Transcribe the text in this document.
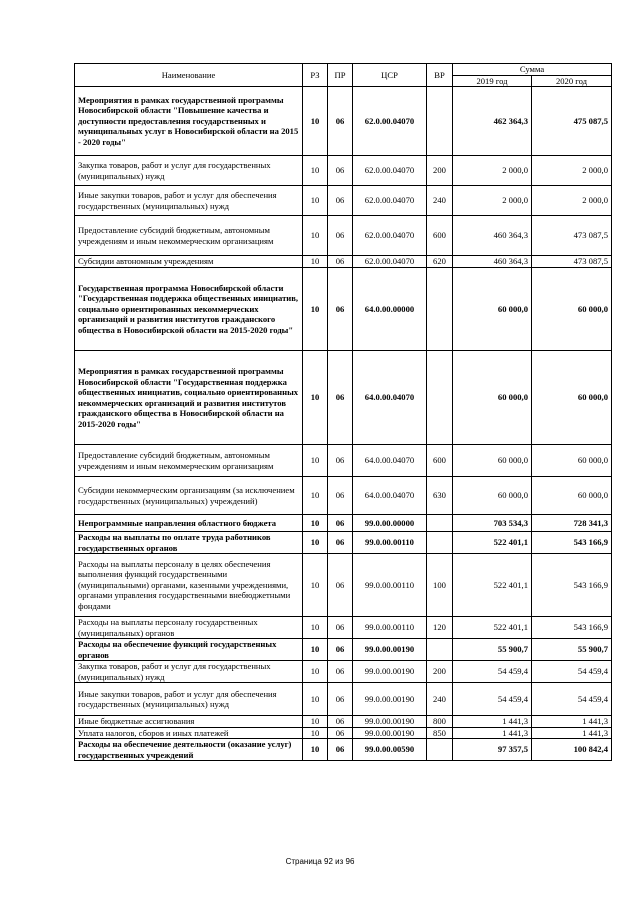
Наименование	РЗ	ПР	ЦСР	ВР	Сумма	
					2019 год	2020 год
Мероприятия в рамках государственной программы Новосибирской области "Повышение качества и доступности предоставления государственных и муниципальных услуг в Новосибирской области на 2015 - 2020 годы"	10	06	62.0.00.04070		462 364,3	475 087,5
Закупка товаров, работ и услуг для государственных (муниципальных) нужд	10	06	62.0.00.04070	200	2 000,0	2 000,0
Иные закупки товаров, работ и услуг для обеспечения государственных (муниципальных) нужд	10	06	62.0.00.04070	240	2 000,0	2 000,0
Предоставление субсидий бюджетным, автономным учреждениям и иным некоммерческим организациям	10	06	62.0.00.04070	600	460 364,3	473 087,5
Субсидии автономным учреждениям	10	06	62.0.00.04070	620	460 364,3	473 087,5
Государственная программа Новосибирской области "Государственная поддержка общественных инициатив, социально ориентированных некоммерческих организаций и развития институтов гражданского общества в Новосибирской области на 2015-2020 годы"	10	06	64.0.00.00000		60 000,0	60 000,0
Мероприятия в рамках государственной программы Новосибирской области "Государственная поддержка общественных инициатив, социально ориентированных некоммерческих организаций и развития институтов гражданского общества в Новосибирской области на 2015-2020 годы"	10	06	64.0.00.04070		60 000,0	60 000,0
Предоставление субсидий бюджетным, автономным учреждениям и иным некоммерческим организациям	10	06	64.0.00.04070	600	60 000,0	60 000,0
Субсидии некоммерческим организациям (за исключением государственных (муниципальных) учреждений)	10	06	64.0.00.04070	630	60 000,0	60 000,0
Непрограммные направления областного бюджета	10	06	99.0.00.00000		703 534,3	728 341,3
Расходы на выплаты по оплате труда работников государственных органов	10	06	99.0.00.00110		522 401,1	543 166,9
Расходы на выплаты персоналу в целях обеспечения выполнения функций государственными (муниципальными) органами, казенными учреждениями, органами управления государственными внебюджетными фондами	10	06	99.0.00.00110	100	522 401,1	543 166,9
Расходы на выплаты персоналу государственных (муниципальных) органов	10	06	99.0.00.00110	120	522 401,1	543 166,9
Расходы на обеспечение функций государственных органов	10	06	99.0.00.00190		55 900,7	55 900,7
Закупка товаров, работ и услуг для государственных (муниципальных) нужд	10	06	99.0.00.00190	200	54 459,4	54 459,4
Иные закупки товаров, работ и услуг для обеспечения государственных (муниципальных) нужд	10	06	99.0.00.00190	240	54 459,4	54 459,4
Иные бюджетные ассигнования	10	06	99.0.00.00190	800	1 441,3	1 441,3
Уплата налогов, сборов и иных платежей	10	06	99.0.00.00190	850	1 441,3	1 441,3
Расходы на обеспечение деятельности (оказание услуг) государственных учреждений	10	06	99.0.00.00590		97 357,5	100 842,4
Страница 92 из 96
